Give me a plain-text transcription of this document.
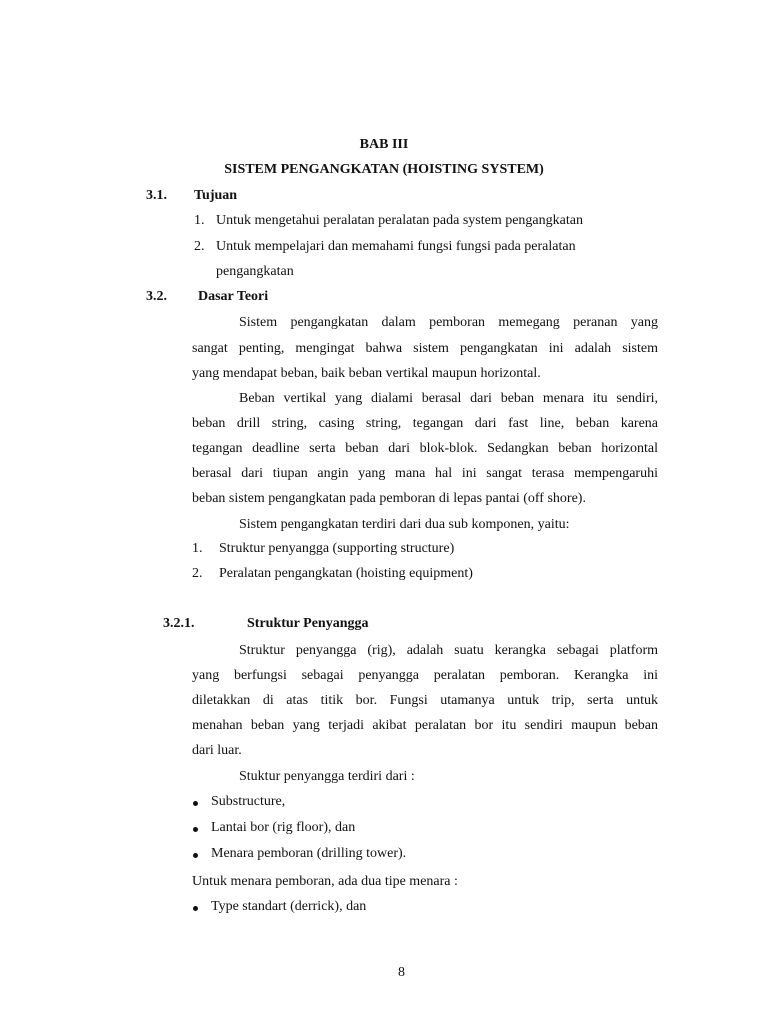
BAB III
SISTEM PENGANGKATAN (HOISTING SYSTEM)
3.1. Tujuan
1. Untuk mengetahui peralatan peralatan pada system pengangkatan
2. Untuk mempelajari dan memahami fungsi fungsi pada peralatan
pengangkatan
3.2. Dasar Teori
Sistem pengangkatan dalam pemboran memegang peranan yang
sangat penting, mengingat bahwa sistem pengangkatan ini adalah sistem
yang mendapat beban, baik beban vertikal maupun horizontal.
Beban vertikal yang dialami berasal dari beban menara itu sendiri,
beban drill string, casing string, tegangan dari fast line, beban karena
tegangan deadline serta beban dari blok-blok. Sedangkan beban horizontal
berasal dari tiupan angin yang mana hal ini sangat terasa mempengaruhi
beban sistem pengangkatan pada pemboran di lepas pantai (off shore).
Sistem pengangkatan terdiri dari dua sub komponen, yaitu:
1. Struktur penyangga (supporting structure)
2. Peralatan pengangkatan (hoisting equipment)
3.2.1.	Struktur Penyangga
Struktur penyangga (rig), adalah suatu kerangka sebagai platform
yang berfungsi sebagai penyangga peralatan pemboran. Kerangka ini
diletakkan di atas titik bor. Fungsi utamanya untuk trip, serta untuk
menahan beban yang terjadi akibat peralatan bor itu sendiri maupun beban
dari luar.
Stuktur penyangga terdiri dari :
Substructure,
Lantai bor (rig floor), dan
Menara pemboran (drilling tower).
Untuk menara pemboran, ada dua tipe menara :
Type standart (derrick), dan
8
